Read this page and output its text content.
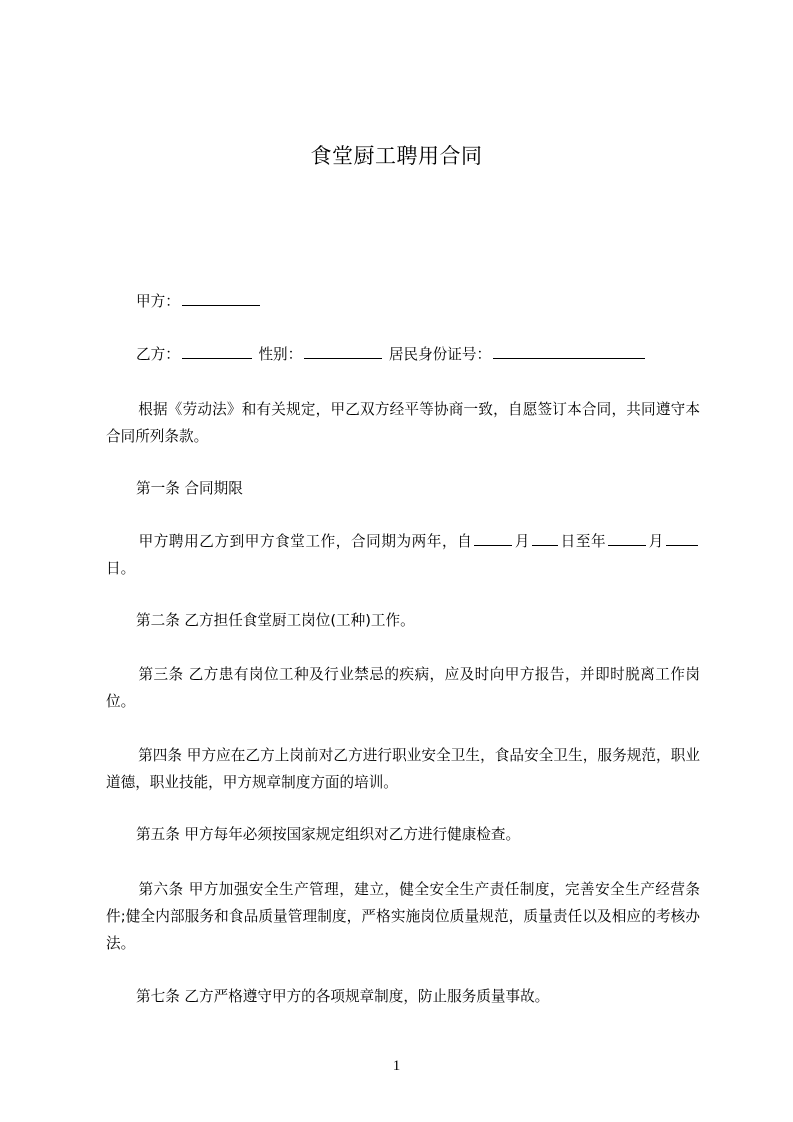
食堂厨工聘用合同
甲方：
乙方：	性别：	居民身份证号：
根据《劳动法》和有关规定，甲乙双方经平等协商一致，自愿签订本合同，共同遵守本合同所列条款。
第一条 合同期限
甲方聘用乙方到甲方食堂工作，合同期为两年，自	月 日至年	月日。
第二条 乙方担任食堂厨工岗位(工种)工作。
第三条 乙方患有岗位工种及行业禁忌的疾病，应及时向甲方报告，并即时脱离工作岗位。
第四条 甲方应在乙方上岗前对乙方进行职业安全卫生，食品安全卫生，服务规范，职业道德，职业技能，甲方规章制度方面的培训。
第五条 甲方每年必须按国家规定组织对乙方进行健康检查。
第六条 甲方加强安全生产管理，建立，健全安全生产责任制度，完善安全生产经营条件;健全内部服务和食品质量管理制度，严格实施岗位质量规范，质量责任以及相应的考核办法。
第七条 乙方严格遵守甲方的各项规章制度，防止服务质量事故。
1
